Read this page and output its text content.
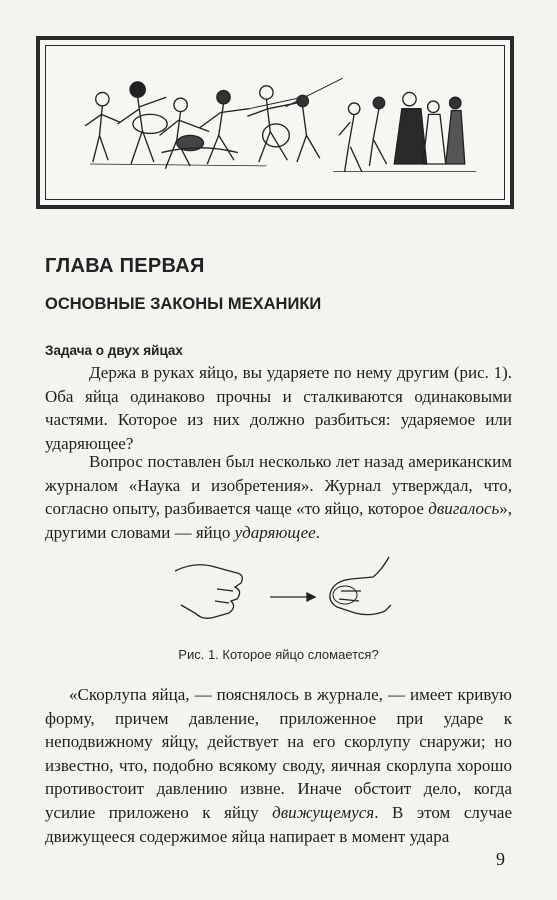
ГЛАВА ПЕРВАЯ
ОСНОВНЫЕ ЗАКОНЫ МЕХАНИКИ
Задача о двух яйцах

Держа в руках яйцо, вы ударяете по нему другим (рис. 1). Оба яйца одинаково прочны и сталкиваются одинаковыми частями. Которое из них должно разбиться: ударяемое или ударяющее?

Вопрос поставлен был несколько лет назад американским журналом «Наука и изобретения». Журнал утверждал, что, согласно опыту, разбивается чаще «то яйцо, которое двигалось», другими словами — яйцо ударяющее.

Рис. 1. Которое яйцо сломается?

«Скорлупа яйца, — пояснялось в журнале, — имеет кривую форму, причем давление, приложенное при ударе к неподвижному яйцу, действует на его скорлупу снаружи; но известно, что, подобно всякому своду, яичная скорлупа хорошо противостоит давлению извне. Иначе обстоит дело, когда усилие приложено к яйцу движущемуся. В этом случае движущееся содержимое яйца напирает в момент удара

9
